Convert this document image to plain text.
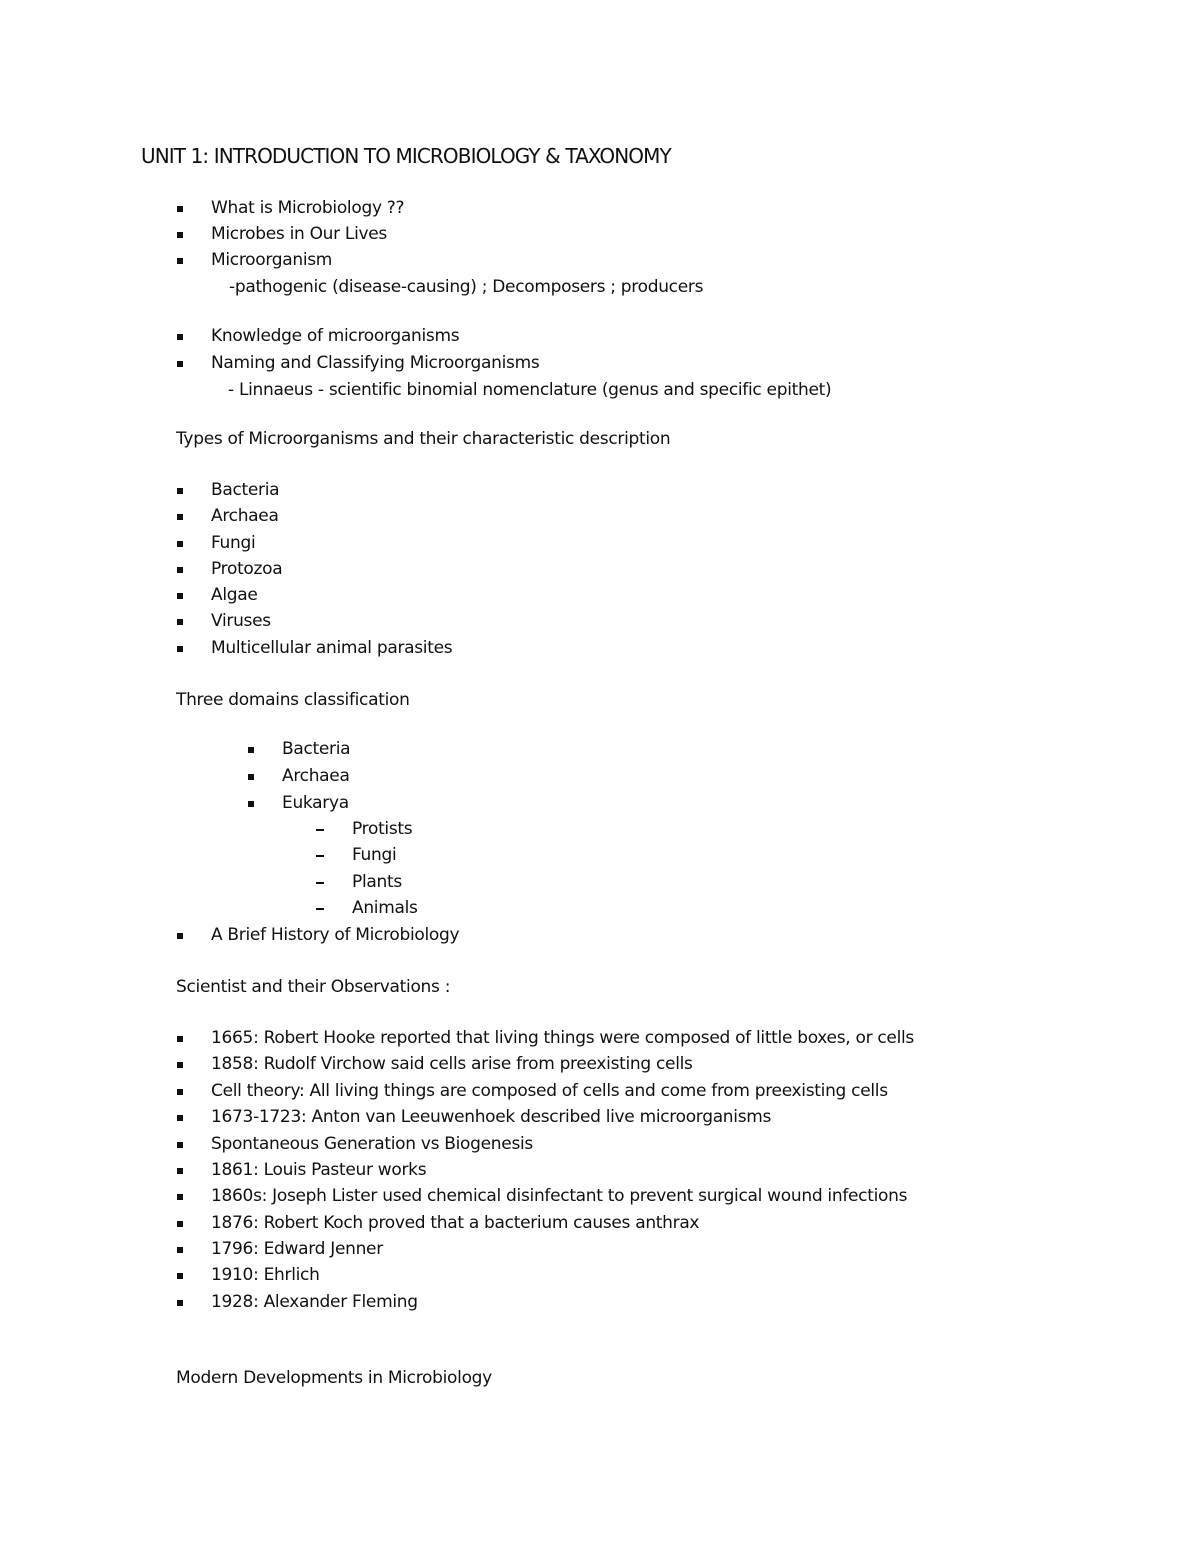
UNIT 1: INTRODUCTION TO MICROBIOLOGY & TAXONOMY
What is Microbiology ??
Microbes in Our Lives
Microorganism
-pathogenic (disease-causing) ; Decomposers ; producers
Knowledge of microorganisms
Naming and Classifying Microorganisms
- Linnaeus - scientific binomial nomenclature (genus and specific epithet)
Types of Microorganisms and their characteristic description
Bacteria
Archaea
Fungi
Protozoa
Algae
Viruses
Multicellular animal parasites
Three domains classification
Bacteria
Archaea
Eukarya
Protists
Fungi
Plants
Animals
A Brief History of Microbiology
Scientist and their Observations :
1665: Robert Hooke reported that living things were composed of little boxes, or cells
1858: Rudolf Virchow said cells arise from preexisting cells
Cell theory: All living things are composed of cells and come from preexisting cells
1673-1723: Anton van Leeuwenhoek described live microorganisms
Spontaneous Generation vs Biogenesis
1861: Louis Pasteur works
1860s: Joseph Lister used chemical disinfectant to prevent surgical wound infections
1876: Robert Koch proved that a bacterium causes anthrax
1796: Edward Jenner
1910: Ehrlich
1928: Alexander Fleming
Modern Developments in Microbiology
